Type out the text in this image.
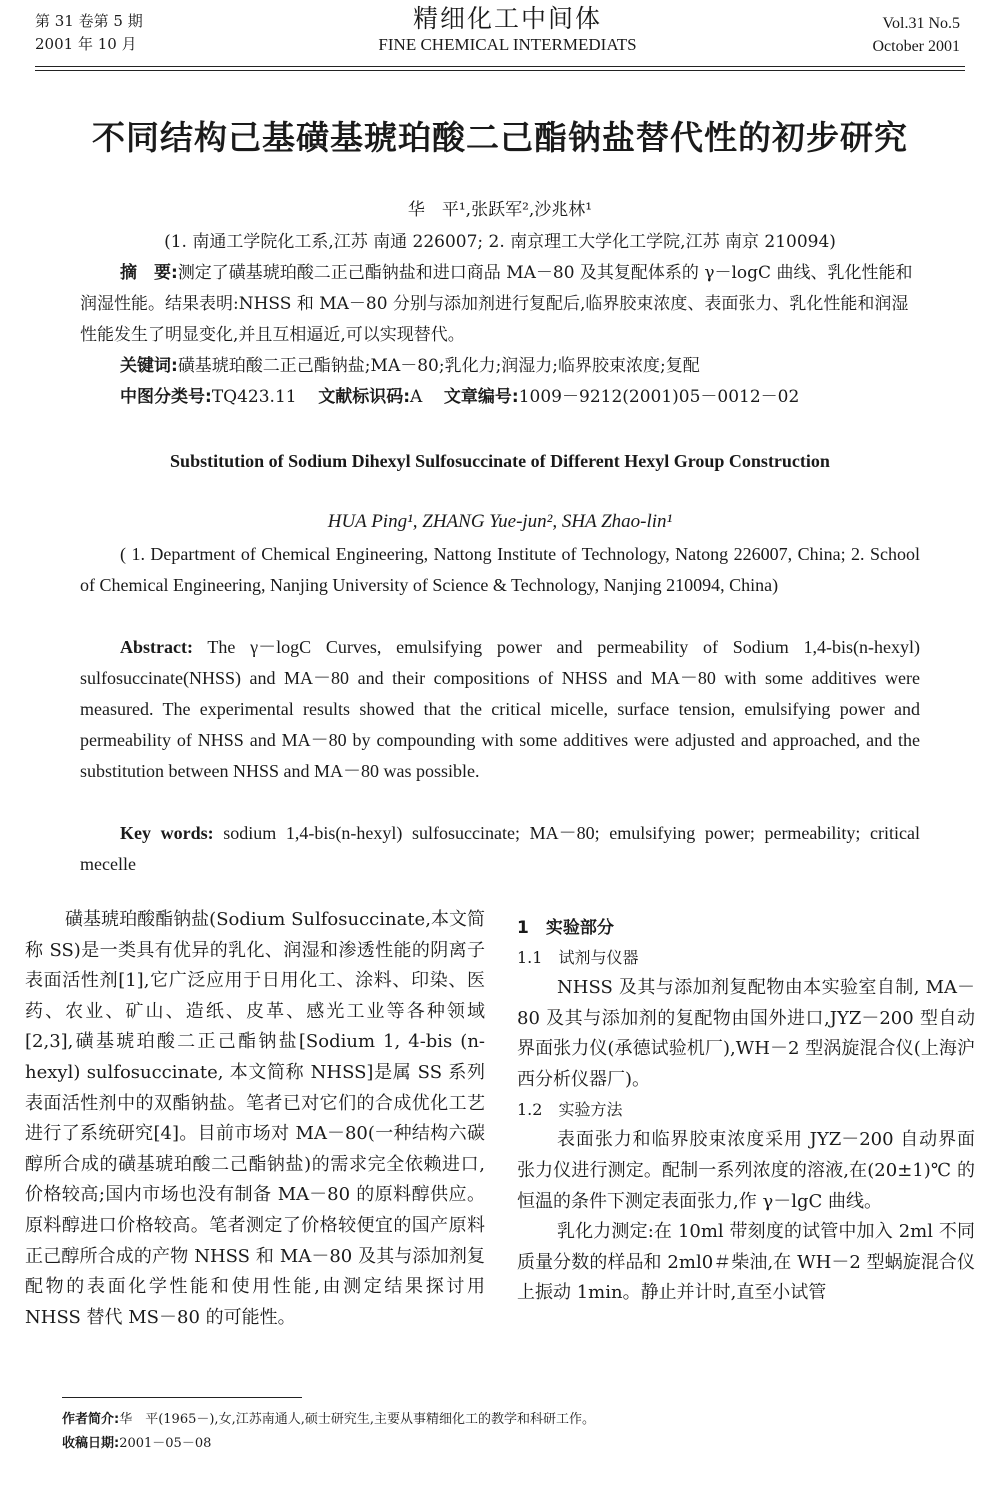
第 31 卷第 5 期
2001 年 10 月
精细化工中间体
FINE CHEMICAL INTERMEDIATS
Vol.31 No.5
October 2001
不同结构己基磺基琥珀酸二己酯钠盐替代性的初步研究
华　平¹,张跃军²,沙兆林¹
(1. 南通工学院化工系,江苏 南通 226007; 2. 南京理工大学化工学院,江苏 南京 210094)

摘　要:测定了磺基琥珀酸二正己酯钠盐和进口商品 MA－80 及其复配体系的 γ－logC 曲线、乳化性能和润湿性能。结果表明:NHSS 和 MA－80 分别与添加剂进行复配后,临界胶束浓度、表面张力、乳化性能和润湿性能发生了明显变化,并且互相逼近,可以实现替代。

关键词:磺基琥珀酸二正己酯钠盐;MA－80;乳化力;润湿力;临界胶束浓度;复配

中图分类号:TQ423.11 文献标识码:A 文章编号:1009－9212(2001)05－0012－02

Substitution of Sodium Dihexyl Sulfosuccinate of Different Hexyl Group Construction
HUA Ping¹, ZHANG Yue-jun², SHA Zhao-lin¹

( 1. Department of Chemical Engineering, Nattong Institute of Technology, Natong 226007, China; 2. School of Chemical Engineering, Nanjing University of Science & Technology, Nanjing 210094, China)

Abstract: The γ－logC Curves, emulsifying power and permeability of Sodium 1,4-bis(n-hexyl) sulfosuccinate(NHSS) and MA－80 and their compositions of NHSS and MA－80 with some additives were measured. The experimental results showed that the critical micelle, surface tension, emulsifying power and permeability of NHSS and MA－80 by compounding with some additives were adjusted and approached, and the substitution between NHSS and MA－80 was possible.

Key words: sodium 1,4-bis(n-hexyl) sulfosuccinate; MA－80; emulsifying power; permeability; critical mecelle

磺基琥珀酸酯钠盐(Sodium Sulfosuccinate,本文简称 SS)是一类具有优异的乳化、润湿和渗透性能的阴离子表面活性剂[1],它广泛应用于日用化工、涂料、印染、医药、农业、矿山、造纸、皮革、感光工业等各种领域[2,3],磺基琥珀酸二正己酯钠盐[Sodium 1, 4-bis (n-hexyl) sulfosuccinate, 本文简称 NHSS]是属 SS 系列表面活性剂中的双酯钠盐。笔者已对它们的合成优化工艺进行了系统研究[4]。目前市场对 MA－80(一种结构六碳醇所合成的磺基琥珀酸二己酯钠盐)的需求完全依赖进口,价格较高;国内市场也没有制备 MA－80 的原料醇供应。原料醇进口价格较高。笔者测定了价格较便宜的国产原料正己醇所合成的产物 NHSS 和 MA－80 及其与添加剂复配物的表面化学性能和使用性能,由测定结果探讨用 NHSS 替代 MS－80 的可能性。

1　实验部分
1.1　试剂与仪器

NHSS 及其与添加剂复配物由本实验室自制, MA－80 及其与添加剂的复配物由国外进口,JYZ－200 型自动界面张力仪(承德试验机厂),WH－2 型涡旋混合仪(上海沪西分析仪器厂)。

1.2　实验方法

表面张力和临界胶束浓度采用 JYZ－200 自动界面张力仪进行测定。配制一系列浓度的溶液,在(20±1)℃ 的恒温的条件下测定表面张力,作 γ－lgC 曲线。

乳化力测定:在 10ml 带刻度的试管中加入 2ml 不同质量分数的样品和 2ml0＃柴油,在 WH－2 型蜗旋混合仪上振动 1min。静止并计时,直至小试管

作者简介:华　平(1965－),女,江苏南通人,硕士研究生,主要从事精细化工的教学和科研工作。
收稿日期:2001－05－08
